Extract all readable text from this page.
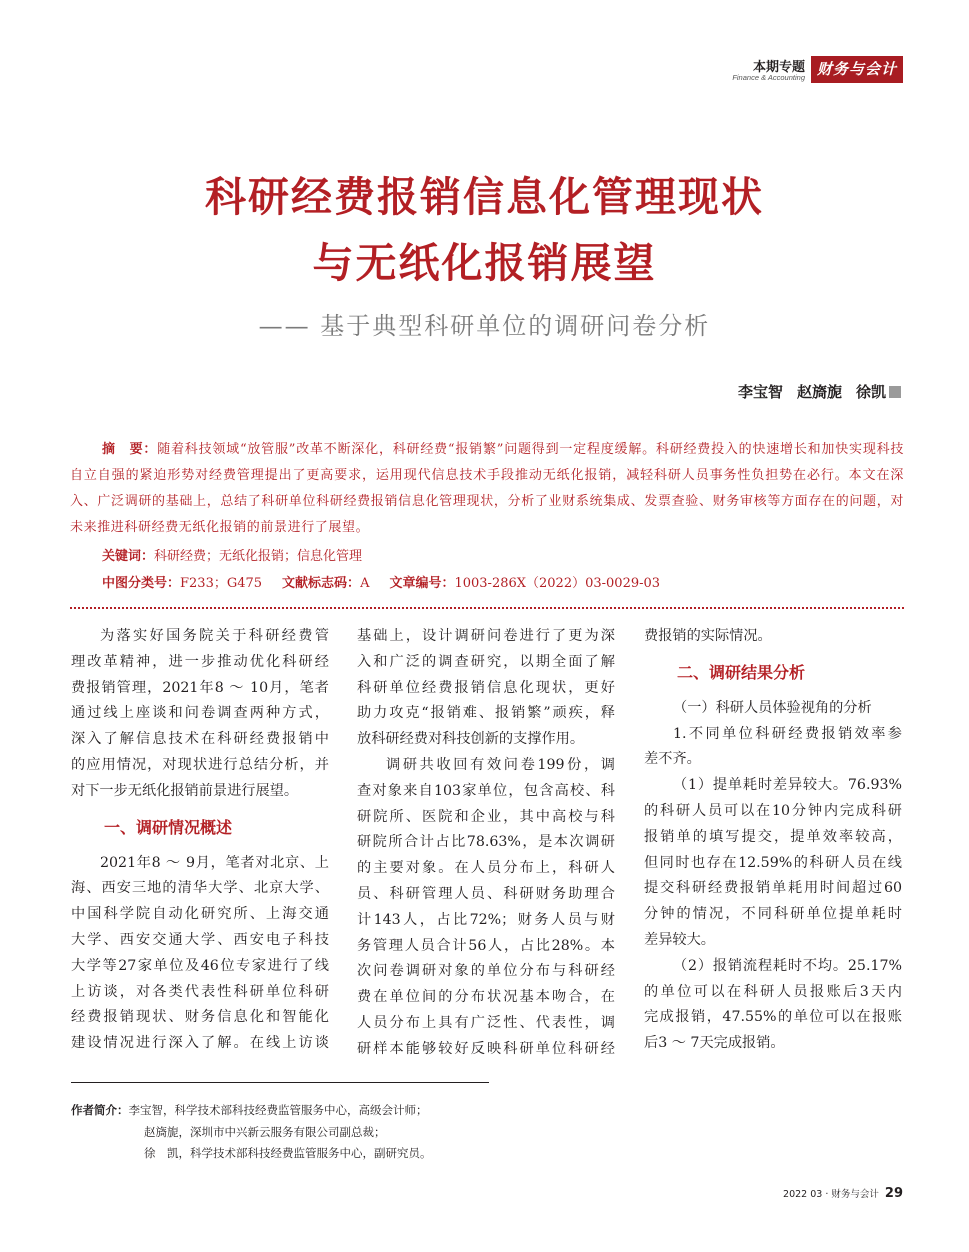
本期专题
Finance & Accounting 财务与会计
科研经费报销信息化管理现状
与无纸化报销展望
—— 基于典型科研单位的调研问卷分析
李宝智 赵旖旎 徐凯
摘　要：随着科技领域“放管服”改革不断深化，科研经费“报销繁”问题得到一定程度缓解。科研经费投入的快速增长和加快实现科技自立自强的紧迫形势对经费管理提出了更高要求，运用现代信息技术手段推动无纸化报销，减轻科研人员事务性负担势在必行。本文在深入、广泛调研的基础上，总结了科研单位科研经费报销信息化管理现状，分析了业财系统集成、发票查验、财务审核等方面存在的问题，对未来推进科研经费无纸化报销的前景进行了展望。
关键词：科研经费；无纸化报销；信息化管理
中图分类号：F233；G475 文献标志码：A 文章编号：1003-286X（2022）03-0029-03
为落实好国务院关于科研经费管
理改革精神，进一步推动优化科研经
费报销管理，2021年8 ～ 10月，笔者
通过线上座谈和问卷调查两种方式，
深入了解信息技术在科研经费报销中
的应用情况，对现状进行总结分析，并
对下一步无纸化报销前景进行展望。
一、调研情况概述
2021年8 ～ 9月，笔者对北京、上
海、西安三地的清华大学、北京大学、
中国科学院自动化研究所、上海交通
大学、西安交通大学、西安电子科技
大学等27家单位及46位专家进行了线
上访谈，对各类代表性科研单位科研
经费报销现状、财务信息化和智能化
建设情况进行深入了解。在线上访谈
基础上，设计调研问卷进行了更为深
入和广泛的调查研究，以期全面了解
科研单位经费报销信息化现状，更好
助力攻克“报销难、报销繁”顽疾，释
放科研经费对科技创新的支撑作用。
调研共收回有效问卷199份，调
查对象来自103家单位，包含高校、科
研院所、医院和企业，其中高校与科
研院所合计占比78.63%，是本次调研
的主要对象。在人员分布上，科研人
员、科研管理人员、科研财务助理合
计143人，占比72%；财务人员与财
务管理人员合计56人，占比28%。本
次问卷调研对象的单位分布与科研经
费在单位间的分布状况基本吻合，在
人员分布上具有广泛性、代表性，调
研样本能够较好反映科研单位科研经
费报销的实际情况。
二、调研结果分析
（一）科研人员体验视角的分析
1.不同单位科研经费报销效率参
差不齐。
（1）提单耗时差异较大。76.93%
的科研人员可以在10分钟内完成科研
报销单的填写提交，提单效率较高，
但同时也存在12.59%的科研人员在线
提交科研经费报销单耗用时间超过60
分钟的情况，不同科研单位提单耗时
差异较大。
（2）报销流程耗时不均。25.17%
的单位可以在科研人员报账后3天内
完成报销，47.55%的单位可以在报账
后3 ～ 7天完成报销。
作者简介：李宝智，科学技术部科技经费监管服务中心，高级会计师；
赵旖旎，深圳市中兴新云服务有限公司副总裁；
徐　凯，科学技术部科技经费监管服务中心，副研究员。
2022 03 · 财务与会计 29
